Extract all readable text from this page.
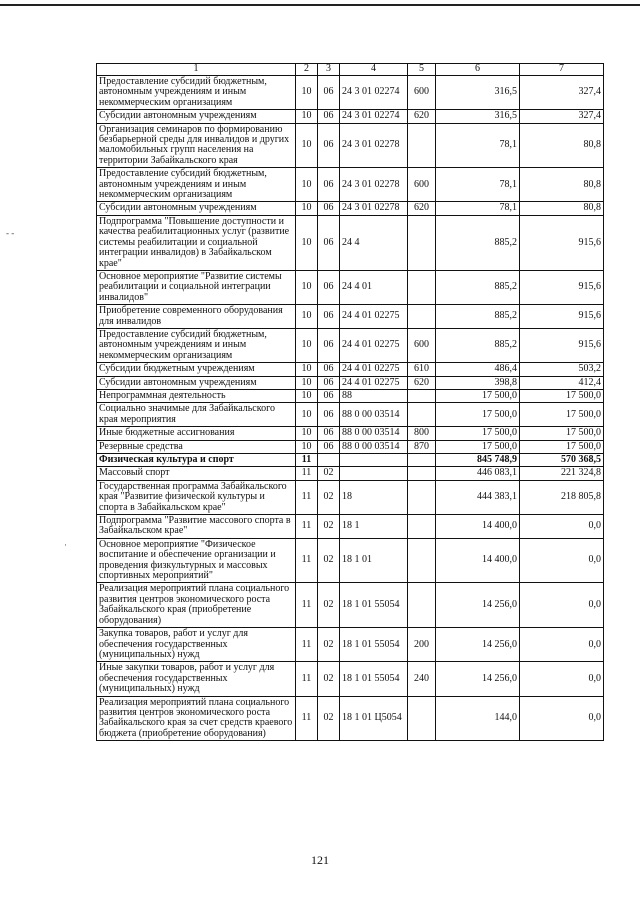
- -
·
1	2	3	4	5	6	7
Предоставление субсидий бюджетным, автономным учреждениям и иным некоммерческим организациям	10	06	24 3 01 02274	600	316,5	327,4
Субсидии автономным учреждениям	10	06	24 3 01 02274	620	316,5	327,4
Организация семинаров по формированию безбарьерной среды для инвалидов и других маломобильных групп населения на территории Забайкальского края	10	06	24 3 01 02278		78,1	80,8
Предоставление субсидий бюджетным, автономным учреждениям и иным некоммерческим организациям	10	06	24 3 01 02278	600	78,1	80,8
Субсидии автономным учреждениям	10	06	24 3 01 02278	620	78,1	80,8
Подпрограмма "Повышение доступности и качества реабилитационных услуг (развитие системы реабилитации и социальной интеграции инвалидов) в Забайкальском крае"	10	06	24 4		885,2	915,6
Основное мероприятие "Развитие системы реабилитации и социальной интеграции инвалидов"	10	06	24 4 01		885,2	915,6
Приобретение современного оборудования для инвалидов	10	06	24 4 01 02275		885,2	915,6
Предоставление субсидий бюджетным, автономным учреждениям и иным некоммерческим организациям	10	06	24 4 01 02275	600	885,2	915,6
Субсидии бюджетным учреждениям	10	06	24 4 01 02275	610	486,4	503,2
Субсидии автономным учреждениям	10	06	24 4 01 02275	620	398,8	412,4
Непрограммная деятельность	10	06	88		17 500,0	17 500,0
Социально значимые для Забайкальского края мероприятия	10	06	88 0 00 03514		17 500,0	17 500,0
Иные бюджетные ассигнования	10	06	88 0 00 03514	800	17 500,0	17 500,0
Резервные средства	10	06	88 0 00 03514	870	17 500,0	17 500,0
Физическая культура и спорт	11				845 748,9	570 368,5
Массовый спорт	11	02			446 083,1	221 324,8
Государственная программа Забайкальского края "Развитие физической культуры и спорта в Забайкальском крае"	11	02	18		444 383,1	218 805,8
Подпрограмма "Развитие массового спорта в Забайкальском крае"	11	02	18 1		14 400,0	0,0
Основное мероприятие "Физическое воспитание и обеспечение организации и проведения физкультурных и массовых спортивных мероприятий"	11	02	18 1 01		14 400,0	0,0
Реализация мероприятий плана социального развития центров экономического роста Забайкальского края (приобретение оборудования)	11	02	18 1 01 55054		14 256,0	0,0
Закупка товаров, работ и услуг для обеспечения государственных (муниципальных) нужд	11	02	18 1 01 55054	200	14 256,0	0,0
Иные закупки товаров, работ и услуг для обеспечения государственных (муниципальных) нужд	11	02	18 1 01 55054	240	14 256,0	0,0
Реализация мероприятий плана социального развития центров экономического роста Забайкальского края за счет средств краевого бюджета (приобретение оборудования)	11	02	18 1 01 Ц5054		144,0	0,0
121
